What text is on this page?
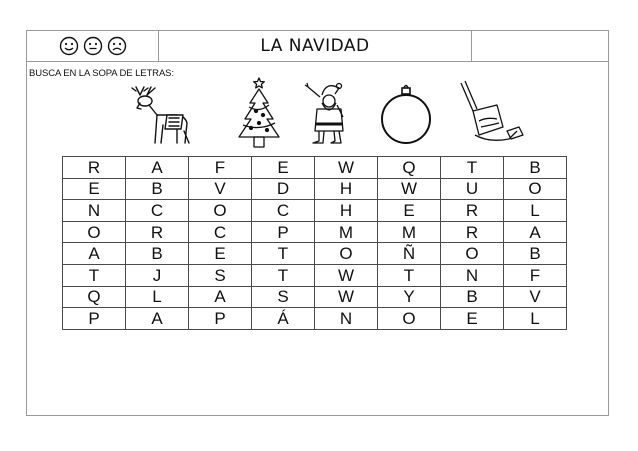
LA NAVIDAD
BUSCA EN LA SOPA DE LETRAS:
R	A	F	E	W	Q	T	B
E	B	V	D	H	W	U	O
N	C	O	C	H	E	R	L
O	R	C	P	M	M	R	A
A	B	E	T	O	Ñ	O	B
T	J	S	T	W	T	N	F
Q	L	A	S	W	Y	B	V
P	A	P	Á	N	O	E	L
